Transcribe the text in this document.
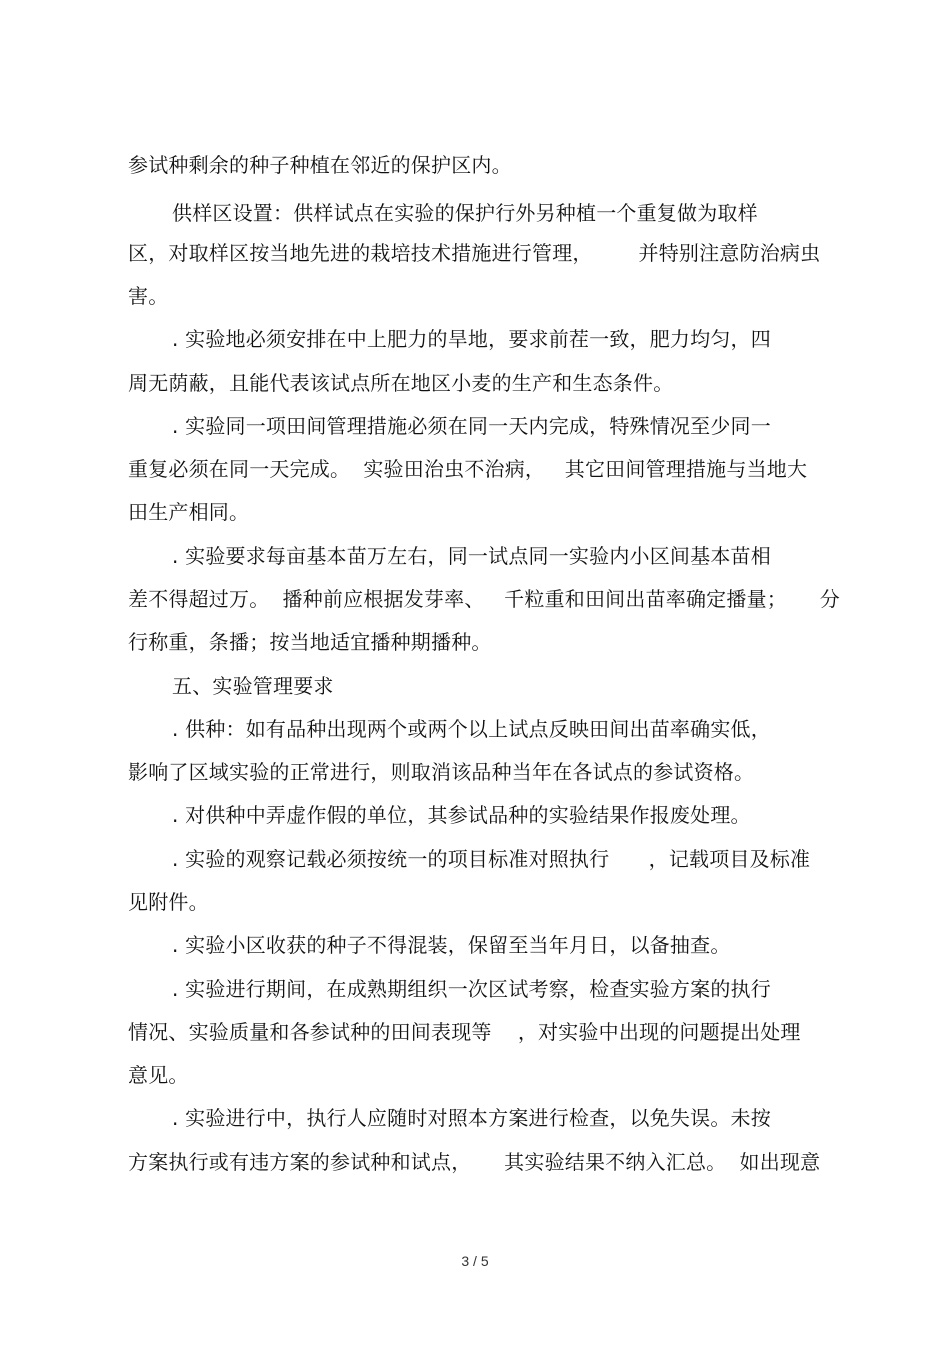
参试种剩余的种子种植在邻近的保护区内。
供样区设置：供样试点在实验的保护行外另种植一个重复做为取样
区，对取样区按当地先进的栽培技术措施进行管理，       并特别注意防治病虫
害。
. 实验地必须安排在中上肥力的旱地，要求前茬一致，肥力均匀，四
周无荫蔽，且能代表该试点所在地区小麦的生产和生态条件。
. 实验同一项田间管理措施必须在同一天内完成，特殊情况至少同一
重复必须在同一天完成。  实验田治虫不治病，   其它田间管理措施与当地大
田生产相同。
. 实验要求每亩基本苗万左右，同一试点同一实验内小区间基本苗相
差不得超过万。  播种前应根据发芽率、   千粒重和田间出苗率确定播量；     分
行称重，条播；按当地适宜播种期播种。
五、实验管理要求
. 供种：如有品种出现两个或两个以上试点反映田间出苗率确实低，
影响了区域实验的正常进行，则取消该品种当年在各试点的参试资格。
. 对供种中弄虚作假的单位，其参试品种的实验结果作报废处理。
. 实验的观察记载必须按统一的项目标准对照执行      ，记载项目及标准
见附件。
. 实验小区收获的种子不得混装，保留至当年月日，以备抽查。
. 实验进行期间，在成熟期组织一次区试考察，检查实验方案的执行
情况、实验质量和各参试种的田间表现等    ，对实验中出现的问题提出处理
意见。
. 实验进行中，执行人应随时对照本方案进行检查，以免失误。未按
方案执行或有违方案的参试种和试点，     其实验结果不纳入汇总。  如出现意
3 / 5
